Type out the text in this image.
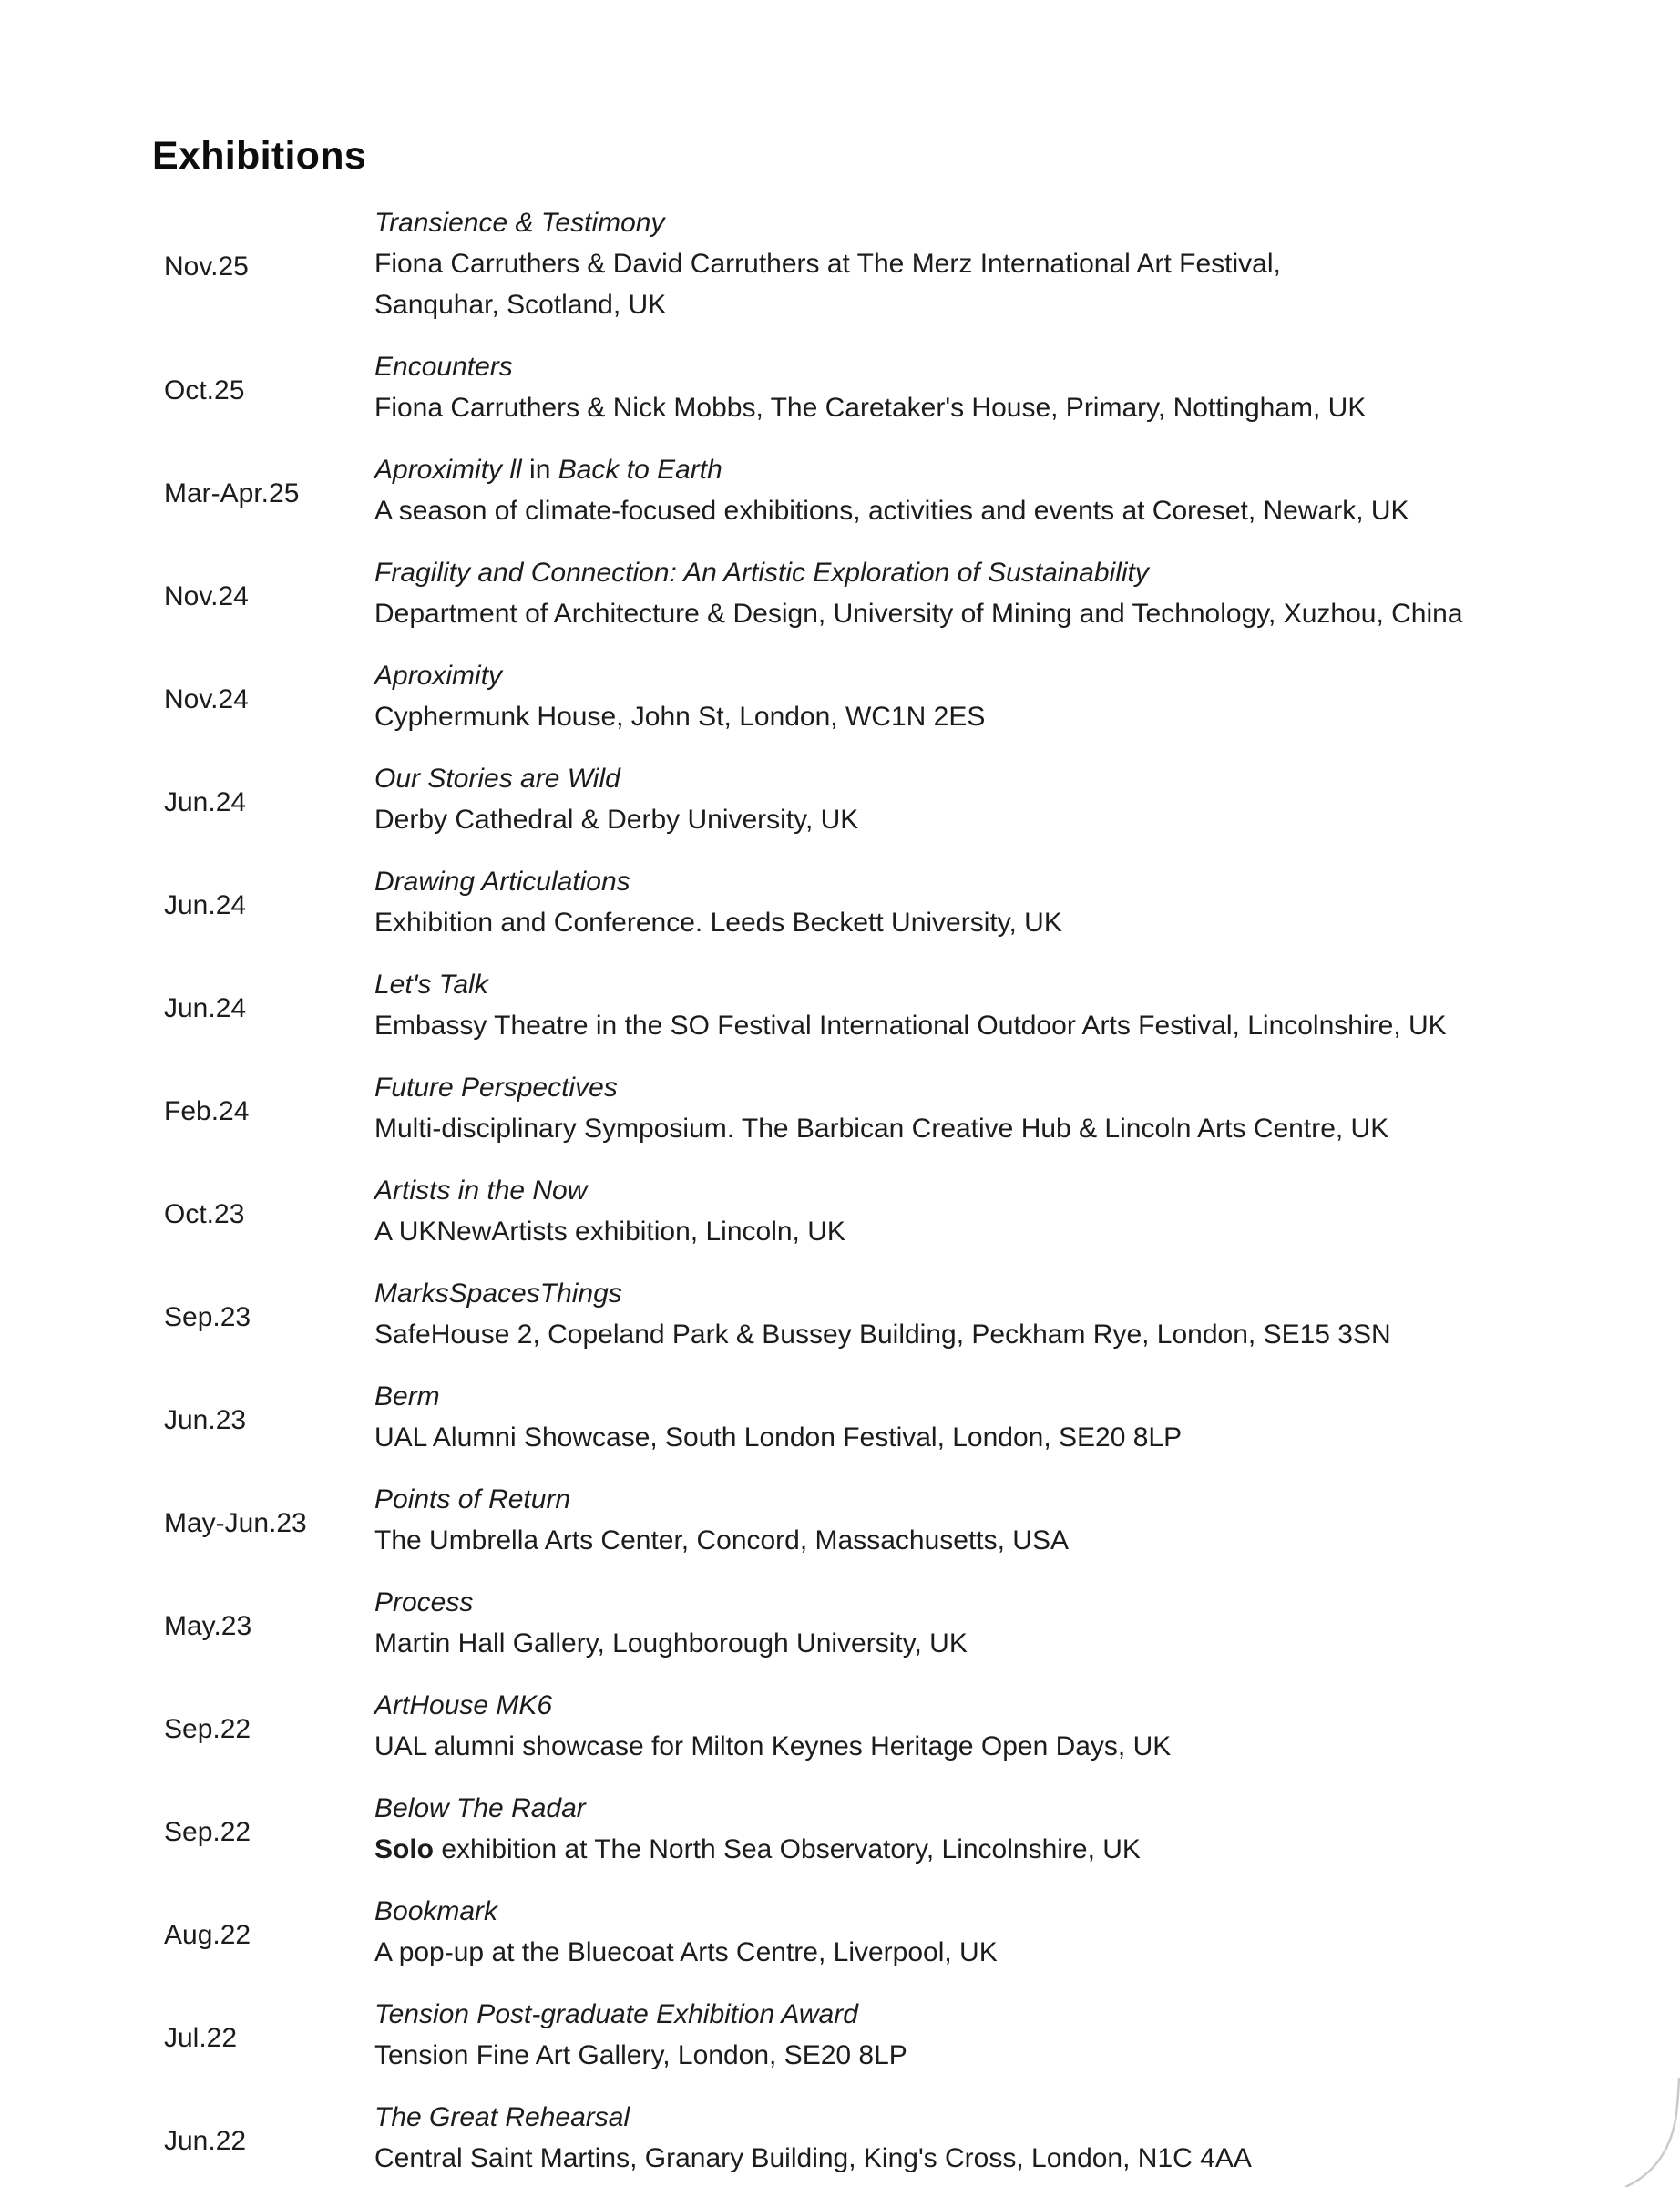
Exhibitions
Nov.25
Transience & Testimony
Fiona Carruthers & David Carruthers at The Merz International Art Festival,
Sanquhar, Scotland, UK
Oct.25
Encounters
Fiona Carruthers & Nick Mobbs, The Caretaker's House, Primary, Nottingham, UK
Mar-Apr.25
Aproximity ll in Back to Earth
A season of climate-focused exhibitions, activities and events at Coreset, Newark, UK
Nov.24
Fragility and Connection: An Artistic Exploration of Sustainability
Department of Architecture & Design, University of Mining and Technology, Xuzhou, China
Nov.24
Aproximity
Cyphermunk House, John St, London, WC1N 2ES
Jun.24
Our Stories are Wild
Derby Cathedral & Derby University, UK
Jun.24
Drawing Articulations
Exhibition and Conference. Leeds Beckett University, UK
Jun.24
Let's Talk
Embassy Theatre in the SO Festival International Outdoor Arts Festival, Lincolnshire, UK
Feb.24
Future Perspectives
Multi-disciplinary Symposium. The Barbican Creative Hub & Lincoln Arts Centre, UK
Oct.23
Artists in the Now
A UKNewArtists exhibition, Lincoln, UK
Sep.23
MarksSpacesThings
SafeHouse 2, Copeland Park & Bussey Building, Peckham Rye, London, SE15 3SN
Jun.23
Berm
UAL Alumni Showcase, South London Festival, London, SE20 8LP
May-Jun.23
Points of Return
The Umbrella Arts Center, Concord, Massachusetts, USA
May.23
Process
Martin Hall Gallery, Loughborough University, UK
Sep.22
ArtHouse MK6
UAL alumni showcase for Milton Keynes Heritage Open Days, UK
Sep.22
Below The Radar
Solo exhibition at The North Sea Observatory, Lincolnshire, UK
Aug.22
Bookmark
A pop-up at the Bluecoat Arts Centre, Liverpool, UK
Jul.22
Tension Post-graduate Exhibition Award
Tension Fine Art Gallery, London, SE20 8LP
Jun.22
The Great Rehearsal
Central Saint Martins, Granary Building, King's Cross, London, N1C 4AA
